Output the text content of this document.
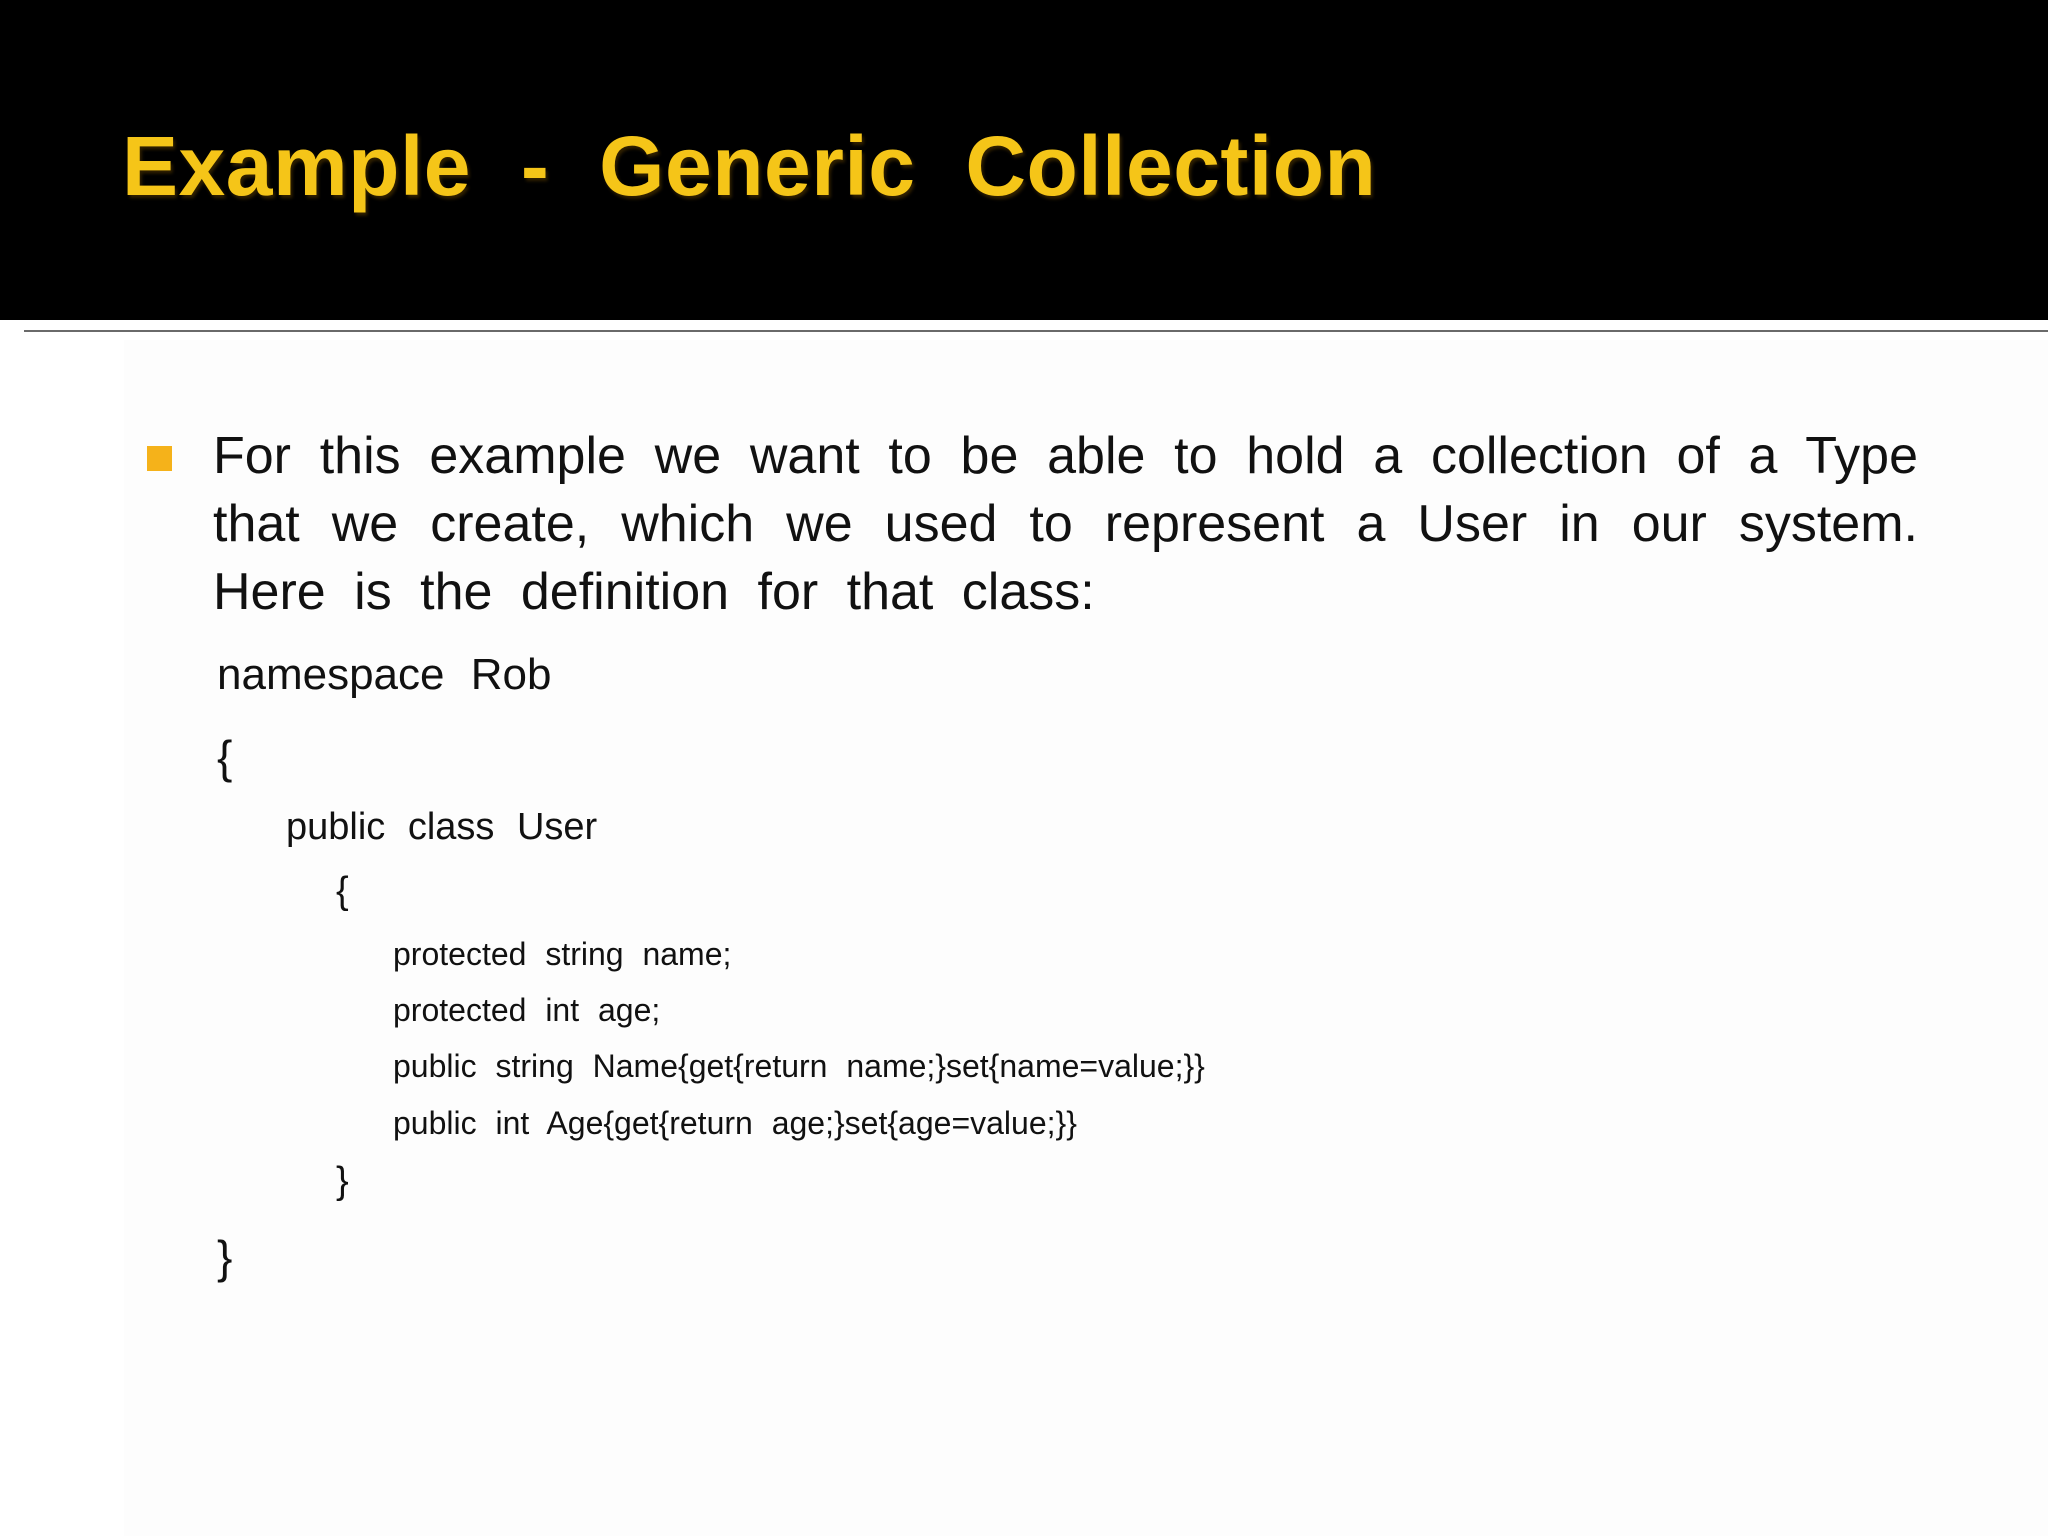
Example - Generic Collection

For this example we want to be able to hold a collection of a Type that we create, which we used to represent a User in our system. Here is the definition for that class:

namespace Rob
{
public class User
{
protected string name;
protected int age;
public string Name{get{return name;}set{name=value;}}
public int Age{get{return age;}set{age=value;}}
}
}
